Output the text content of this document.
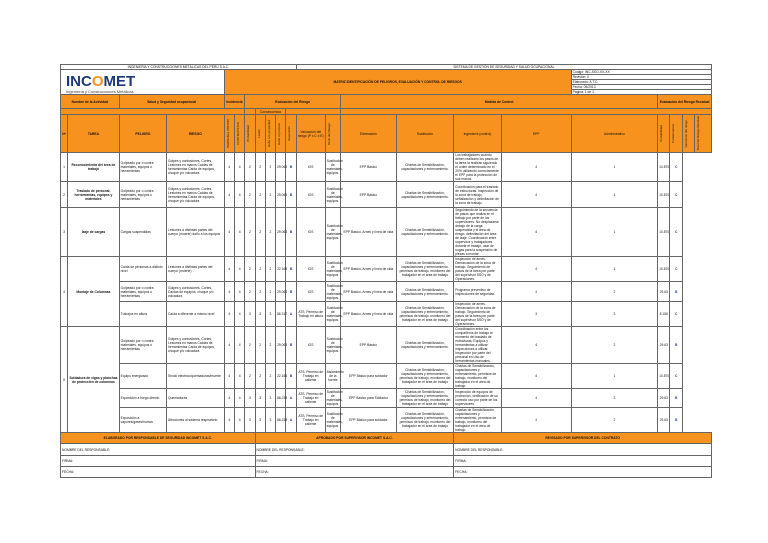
INCOMET
Ingeniería y Construcciones Metálicas
INGENIERÍA Y CONSTRUCCIONES METÁLICAS DEL PERÚ S.A.C.											SISTEMA DE GESTIÓN DE SEGURIDAD Y SALUD OCUPACIONAL										
				MATRIZ IDENTIFICACIÓN DE PELIGROS, EVALUACIÓN Y CONTROL DE RIESGOS													Código: INC-SSO-XX-XX				
																	Revisión: 0				
																	Elaborado: A.T.C.				
																	Fecha: 05/2013				
																	Página: 1 de 1				
Nombre de la Actividad		Salud y Seguridad ocupacional		Incidencia		Evaluación del Riesgo							Medida de Control					Evaluación del Riesgo Residual			
							Consecuencia														

Nº	TAREA	PELIGRO	RIESGO	PERSONAL PROPIO	CONTRATISTAS	Probabilidad	Lesión	Daño a la propiedad	Daño al proceso	Exposición	Valoración del riesgo (P x C x E)	Nivel del Riesgo	Eliminación	Sustitución	Ingeniería (control)	EPP	Administrativo	Probabilidad	Consecuencia	Valoración del riesgo	Nivel del Riesgo Residual

1	Reconocimiento del área de trabajo	Golpeado por o contra materiales, equipos o herramientas	Golpes y contusiones, Cortes, Lesiones en manos Caídas de herramientas Caída de equipos, choque y/o volcadura	4	4	2	2	2	29.063	B	iOS	Sustitución de materiales, equipos.	EPP Básico	Charlas de Sensibilización, capacitaciones y entrenamiento.	Los trabajadores cuando deben realizarlo los pasos de la tarea la realizan siguiendo el orden determinado en el 20% utilizando correctamente el EPP para la protección de sus manos.	4	1	10.870	C		
2	Traslado de personal, herramientas, equipos y materiales	Golpeado por o contra materiales, equipos o herramientas	Golpes y contusiones, Cortes, Lesiones en manos Caídas de herramientas Caída de equipos, choque y/o volcadura	4	4	2	2	2	29.063	B	iOS	Sustitución de materiales, equipos.	EPP Básico	Charlas de Sensibilización, capacitaciones y entrenamiento.	Coordinación para el traslado de estructuras. Inspección de la zona de trabajo, señalización y delimitación de la zona de trabajo.	4	1	10.870	C		
3	Izaje de cargas	Cargas suspendidas	Lesiones a distintas partes del cuerpo (muerte) daño a los equipos	4	4	2	2	2	29.063	B	iOS	Sustitución de materiales, equipos.	EPP Básico, Arnes y línea de vida	Charlas de Sensibilización, capacitaciones y entrenamiento.	Seguimiento de la secuencia de pasos que realiza en el trabajo por parte de los supervisores. No desplazarse debajo de la carga suspendida y el área de riesgo, delimitación del área de izaje. Coordinación entre supervisor y trabajadores durante el trabajo, usar de sogas para la suspensión de piezas a montar.	4	1	10.870	C		
4	Montaje de Columnas	Caída de personas a distinto nivel	Lesiones a distintas partes del cuerpo (muerte)	4	4	2	2	2	22.165	B	iOS	Sustitución de materiales, equipos.	EPP Básico, Arnes y línea de vida	Charlas de Sensibilización, capacitaciones y entrenamiento, permisos de trabajo, monitoreo del trabajador en el área de trabajo	Inspección de arnés. Demarcación de la zona de trabajo. Seguimiento de pasos de la tarea por parte del supervisor SSO y de Operaciones.	4	1	10.870	C		
		Golpeado por o contra materiales, equipos o herramientas	Golpes y contusiones, Cortes, Caídas de equipos, choque y/o volcadura	4	4	2	2	2	29.063	B	iOS	Sustitución de materiales, equipos.	EPP Básico, Arnes y línea de vida	Charlas de Sensibilización, capacitaciones y entrenamiento.	Programa preventivo de inspecciones de seguridad	4	2	29.63	B		
		Trabajos en altura	Caída a diferente a mismo nivel	4	4	3	3	3	86.317	A	ATS, Permiso de Trabajo en altura	Sustitución de materiales, equipos.	EPP Básico, Arnes y línea de vida	Charlas de Sensibilización, capacitaciones y entrenamiento, permisos de trabajo, monitoreo del trabajador en el área de trabajo	Inspección de arnés. Demarcación de la zona de trabajo. Seguimiento de pasos de la tarea por parte del supervisor SSO y de Operaciones.	3	3	8.156	C		
5	Soldadura de vigas y planchas de protección de columnas	Golpeado por o contra materiales, equipos o herramientas	Golpes y contusiones, Cortes, Lesiones en manos Caídas de herramientas Caída de equipos, choque y/o volcadura	4	4	2	2	2	29.063	B	iOS	Sustitución de materiales, equipos.	EPP Básico	Charlas de Sensibilización, capacitaciones y entrenamiento.	Coordinación entre los compañeros de trabajo al momento del traslado de estructuras. Equipos y herramientas a utilizar inspecciones a utilizar. Inspección por parte del personal en Uso de herramientas manuales.	4	2	29.63	B		
		Equipo energizado	Shock eléctrico/quemaduras/muerte	4	4	2	2	2	22.165	B	ATS, Permiso de Trabajo en caliente	Aislamiento de la fuente	EPP Básico para soldador	Charlas de Sensibilización, capacitaciones y entrenamiento, permisos de trabajo, monitoreo del trabajador en el área de trabajo	Charlas de Sensibilización, capacitaciones y entrenamiento, permisos de trabajo, monitoreo del trabajador en el área de trabajo	4	1	10.870	C		
		Exposición a fuego directo	Quemaduras	4	4	3	3	3	86.238	A	ATS, Permiso de Trabajo en caliente	Sustitución de materiales, equipos.	EPP Básico para Soldador	Charlas de Sensibilización, capacitaciones y entrenamiento, permisos de trabajo, monitoreo del trabajador en el área de trabajo	Inspección de equipos de protección, verificación de su correcto uso por parte de los supervisores.	4	2	29.63	B		
		Exposición a vapores/gases/humos	Afecciones al sistema respiratorio	4	4	3	3	3	86.238	A	ATS, Permiso de Trabajo en caliente	Sustitución de materiales, equipos.	EPP Básico para soldador	Charlas de Sensibilización, capacitaciones y entrenamiento, permisos de trabajo, monitoreo del trabajador en el área de trabajo	Charlas de Sensibilización, capacitaciones y entrenamiento, permisos de trabajo, monitoreo del trabajador en el área de trabajo	4	2	29.63	B		
ELABORADO POR RESPONSABLE DE SEGURIDAD INCOMET S.A.C.							APROBADO POR SUPERVISOR INCOMET S.A.C.								REVISADO POR SUPERVISOR DEL CONTRATO						
NOMBRE DEL RESPONSABLE:							NOMBRE DEL RESPONSABLE:								NOMBRE DEL RESPONSABLE:						
FIRMA:							FIRMA:								FIRMA:						
FECHA:							FECHA:								FECHA:						
